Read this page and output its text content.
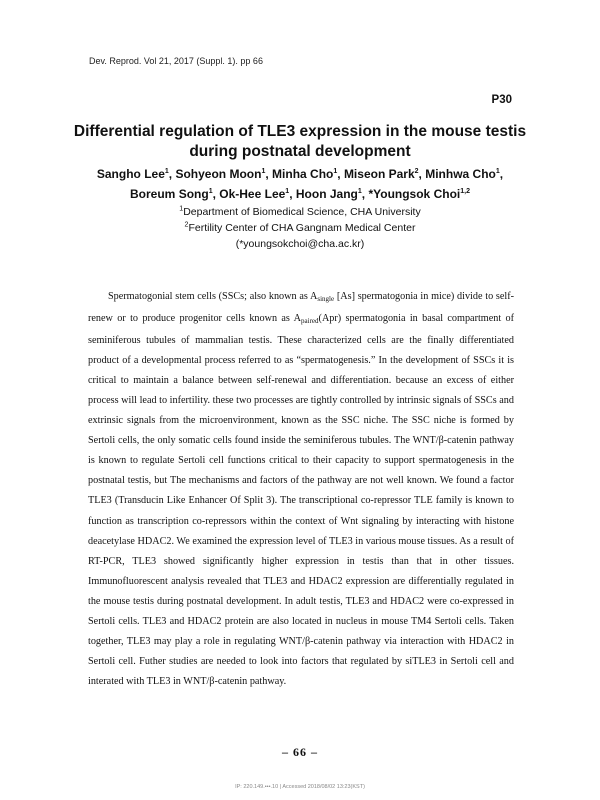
Dev. Reprod. Vol 21, 2017 (Suppl. 1). pp 66
P30
Differential regulation of TLE3 expression in the mouse testis
during postnatal development
Sangho Lee$^1$, Sohyeon Moon$^1$, Minha Cho$^1$, Miseon Park$^2$, Minhwa Cho$^1$,
Boreum Song$^1$, Ok-Hee Lee$^1$, Hoon Jang$^1$, *Youngsok Choi$^{1,2}$
$^1$Department of Biomedical Science, CHA University
$^2$Fertility Center of CHA Gangnam Medical Center
(*youngsokchoi@cha.ac.kr)

Spermatogonial stem cells (SSCs; also known as $A_{single}$ [As] spermatogonia in mice) divide to self-renew or to produce progenitor cells known as $A_{paired}(Apr)$ spermatogonia in basal compartment of seminiferous tubules of mammalian testis. These characterized cells are the finally differentiated product of a developmental process referred to as “spermatogenesis.” In the development of SSCs it is critical to maintain a balance between self-renewal and differentiation. because an excess of either process will lead to infertility. these two processes are tightly controlled by intrinsic signals of SSCs and extrinsic signals from the microenvironment, known as the SSC niche. The SSC niche is formed by Sertoli cells, the only somatic cells found inside the seminiferous tubules. The WNT/β-catenin pathway is known to regulate Sertoli cell functions critical to their capacity to support spermatogenesis in the postnatal testis, but The mechanisms and factors of the pathway are not well known. We found a factor TLE3 (Transducin Like Enhancer Of Split 3). The transcriptional co-repressor TLE family is known to function as transcription co-repressors within the context of Wnt signaling by interacting with histone deacetylase HDAC2. We examined the expression level of TLE3 in various mouse tissues. As a result of RT-PCR, TLE3 showed significantly higher expression in testis than that in other tissues. Immunofluorescent analysis revealed that TLE3 and HDAC2 expression are differentially regulated in the mouse testis during postnatal development. In adult testis, TLE3 and HDAC2 were co-expressed in Sertoli cells. TLE3 and HDAC2 protein are also located in nucleus in mouse TM4 Sertoli cells. Taken together, TLE3 may play a role in regulating WNT/β-catenin pathway via interaction with HDAC2 in Sertoli cell. Futher studies are needed to look into factors that regulated by siTLE3 in Sertoli cell and interated with TLE3 in WNT/β-catenin pathway.

– 66 –
IP: 220.149.•••.10 | Accessed 2018/08/02 13:23(KST)
